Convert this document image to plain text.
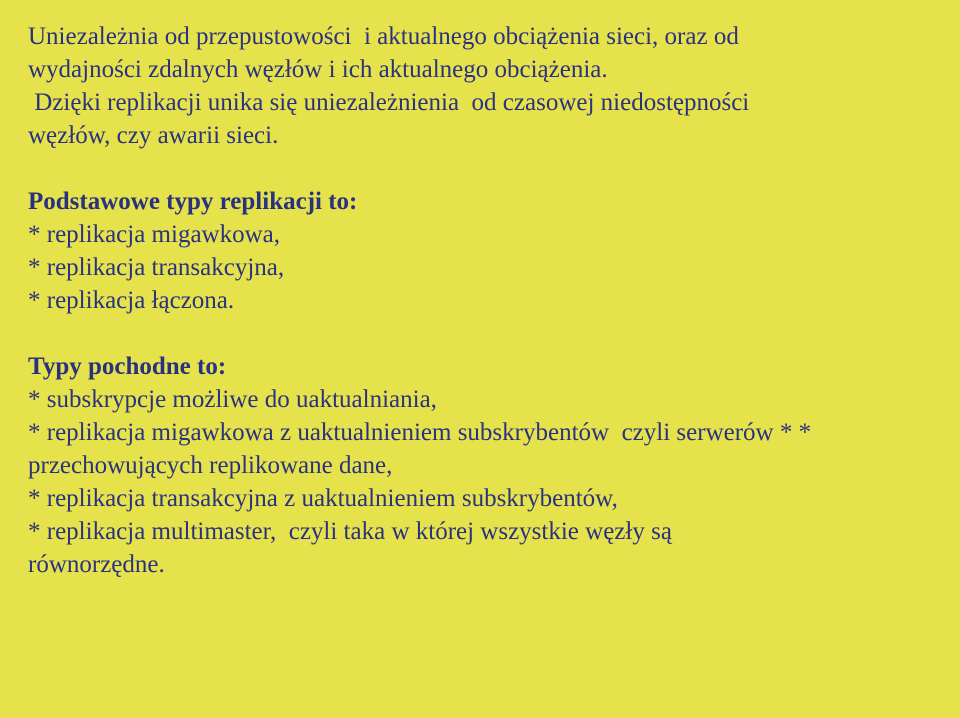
Uniezależnia od przepustowości  i aktualnego obciążenia sieci, oraz od
wydajności zdalnych węzłów i ich aktualnego obciążenia.
Dzięki replikacji unika się uniezależnienia  od czasowej niedostępności
węzłów, czy awarii sieci.
Podstawowe typy replikacji to:
* replikacja migawkowa,
* replikacja transakcyjna,
* replikacja łączona.
Typy pochodne to:
* subskrypcje możliwe do uaktualniania,
* replikacja migawkowa z uaktualnieniem subskrybentów  czyli serwerów * *
przechowujących replikowane dane,
* replikacja transakcyjna z uaktualnieniem subskrybentów,
* replikacja multimaster,  czyli taka w której wszystkie węzły są
równorzędne.
